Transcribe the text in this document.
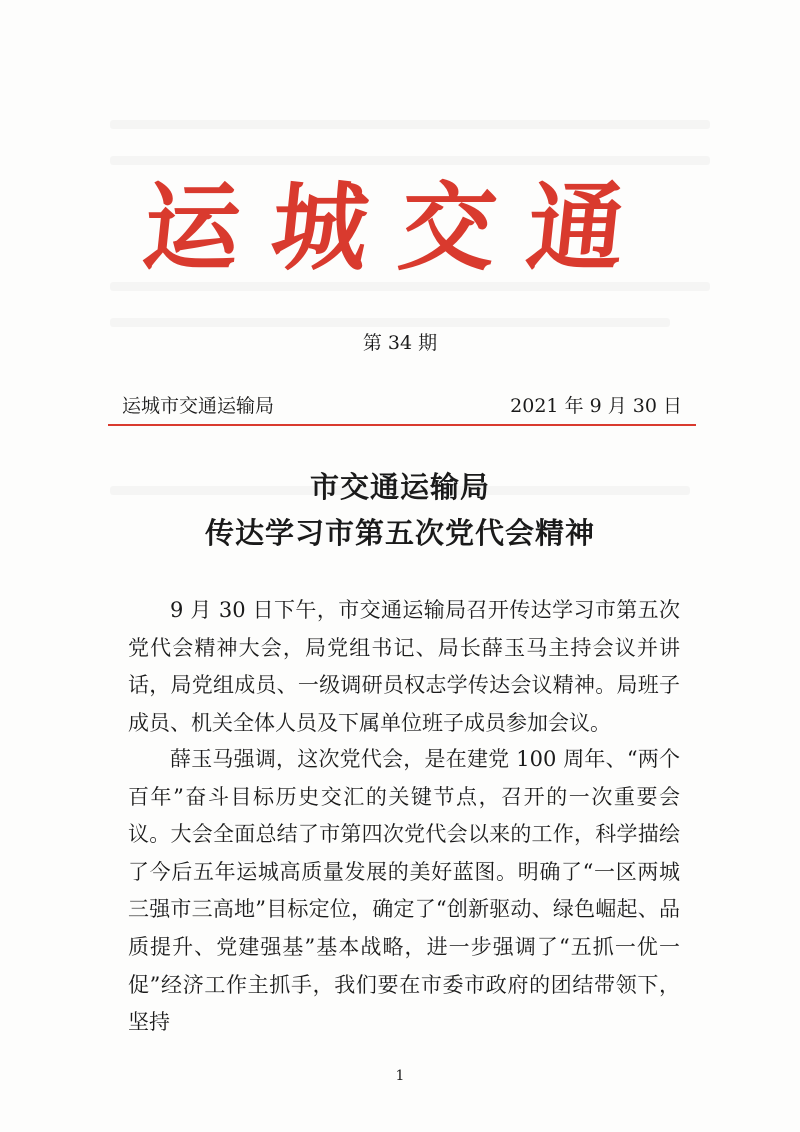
运城交通
第 34 期
运城市交通运输局	2021 年 9 月 30 日
市交通运输局
传达学习市第五次党代会精神

9 月 30 日下午，市交通运输局召开传达学习市第五次党代会精神大会，局党组书记、局长薛玉马主持会议并讲话，局党组成员、一级调研员权志学传达会议精神。局班子成员、机关全体人员及下属单位班子成员参加会议。

薛玉马强调，这次党代会，是在建党 100 周年、“两个百年”奋斗目标历史交汇的关键节点，召开的一次重要会议。大会全面总结了市第四次党代会以来的工作，科学描绘了今后五年运城高质量发展的美好蓝图。明确了“一区两城三强市三高地”目标定位，确定了“创新驱动、绿色崛起、品质提升、党建强基”基本战略，进一步强调了“五抓一优一促”经济工作主抓手，我们要在市委市政府的团结带领下，坚持

1
